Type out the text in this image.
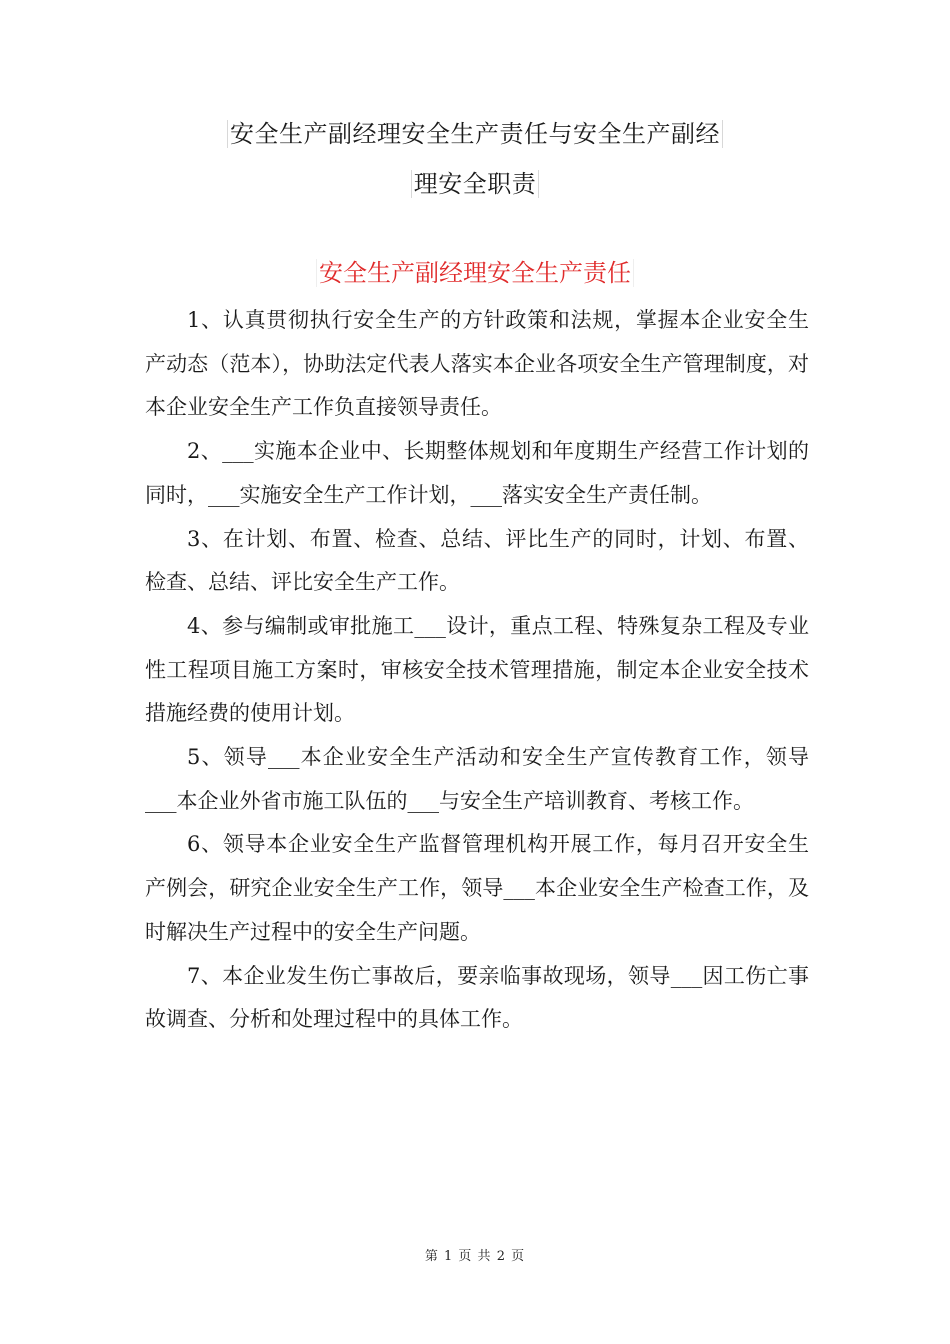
安全生产副经理安全生产责任与安全生产副经
理安全职责
安全生产副经理安全生产责任

1、认真贯彻执行安全生产的方针政策和法规，掌握本企业安全生产动态（范本），协助法定代表人落实本企业各项安全生产管理制度，对本企业安全生产工作负直接领导责任。

2、___实施本企业中、长期整体规划和年度期生产经营工作计划的同时，___实施安全生产工作计划，___落实安全生产责任制。

3、在计划、布置、检查、总结、评比生产的同时，计划、布置、检查、总结、评比安全生产工作。

4、参与编制或审批施工___设计，重点工程、特殊复杂工程及专业性工程项目施工方案时，审核安全技术管理措施，制定本企业安全技术措施经费的使用计划。

5、领导___本企业安全生产活动和安全生产宣传教育工作，领导___本企业外省市施工队伍的___与安全生产培训教育、考核工作。

6、领导本企业安全生产监督管理机构开展工作，每月召开安全生产例会，研究企业安全生产工作，领导___本企业安全生产检查工作，及时解决生产过程中的安全生产问题。

7、本企业发生伤亡事故后，要亲临事故现场，领导___因工伤亡事故调查、分析和处理过程中的具体工作。

第 1 页 共 2 页
